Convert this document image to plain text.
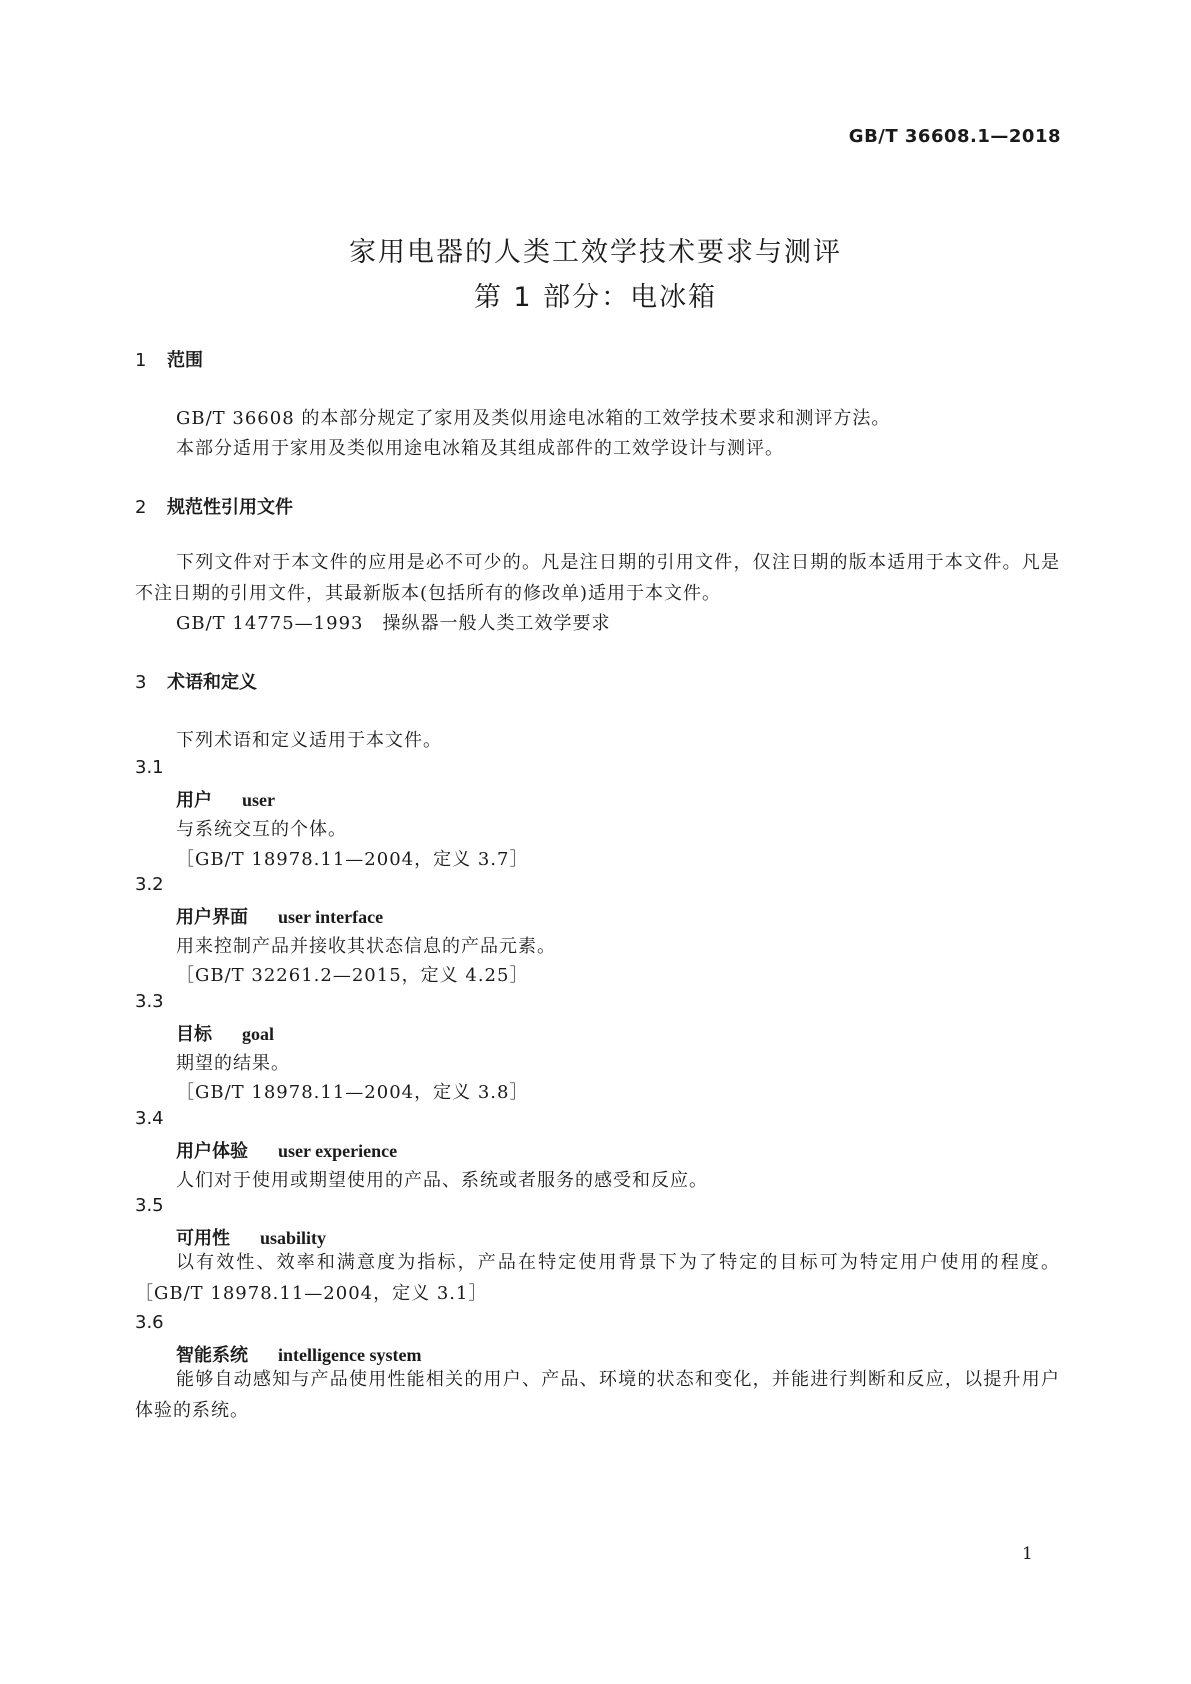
GB/T 36608.1—2018
家用电器的人类工效学技术要求与测评
第 1 部分：电冰箱
1 范围
GB/T 36608 的本部分规定了家用及类似用途电冰箱的工效学技术要求和测评方法。
本部分适用于家用及类似用途电冰箱及其组成部件的工效学设计与测评。
2 规范性引用文件
下列文件对于本文件的应用是必不可少的。凡是注日期的引用文件，仅注日期的版本适用于本文件。凡是不注日期的引用文件，其最新版本(包括所有的修改单)适用于本文件。
GB/T 14775—1993　操纵器一般人类工效学要求
3 术语和定义
下列术语和定义适用于本文件。
3.1
用户 user
与系统交互的个体。
［GB/T 18978.11—2004，定义 3.7］
3.2
用户界面 user interface
用来控制产品并接收其状态信息的产品元素。
［GB/T 32261.2—2015，定义 4.25］
3.3
目标 goal
期望的结果。
［GB/T 18978.11—2004，定义 3.8］
3.4
用户体验 user experience
人们对于使用或期望使用的产品、系统或者服务的感受和反应。
3.5
可用性 usability
以有效性、效率和满意度为指标，产品在特定使用背景下为了特定的目标可为特定用户使用的程度。［GB/T 18978.11—2004，定义 3.1］
3.6
智能系统 intelligence system
能够自动感知与产品使用性能相关的用户、产品、环境的状态和变化，并能进行判断和反应，以提升用户体验的系统。
1
